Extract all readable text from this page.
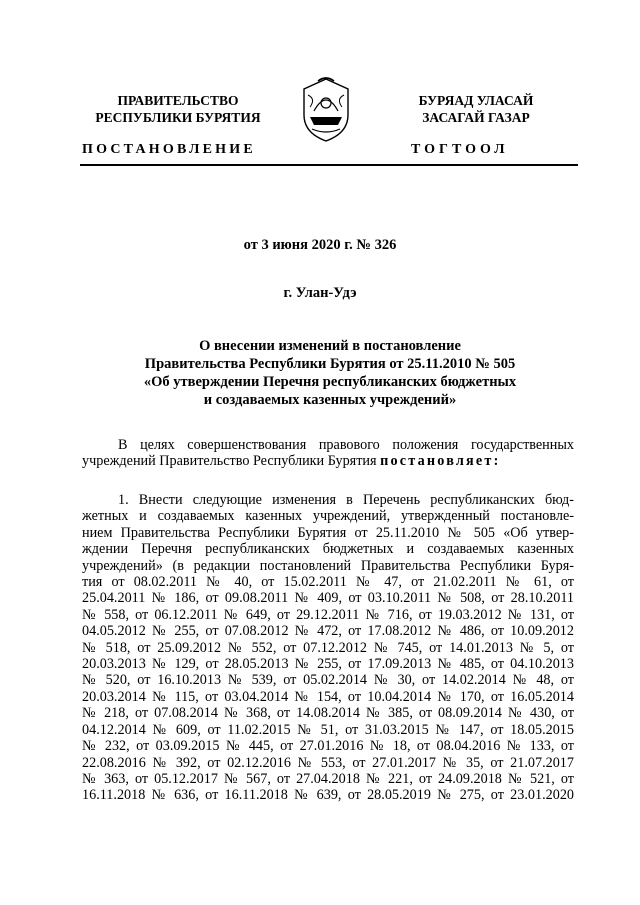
ПРАВИТЕЛЬСТВО
РЕСПУБЛИКИ БУРЯТИЯ
БУРЯАД УЛАСАЙ
ЗАСАГАЙ ГАЗАР
ПОСТАНОВЛЕНИЕ	ТОГТООЛ
от 3 июня 2020 г. № 326
г. Улан-Удэ
О внесении изменений в постановление
Правительства Республики Бурятия от 25.11.2010 № 505
«Об утверждении Перечня республиканских бюджетных
и создаваемых казенных учреждений»
В целях совершенствования правового положения государственных
учреждений Правительство Республики Бурятия постановляет:
1. Внести следующие изменения в Перечень республиканских бюд-
жетных и создаваемых казенных учреждений, утвержденный постановле-
нием Правительства Республики Бурятия от 25.11.2010 № 505 «Об утвер-
ждении Перечня республиканских бюджетных и создаваемых казенных
учреждений» (в редакции постановлений Правительства Республики Буря-
тия от 08.02.2011 № 40, от 15.02.2011 № 47, от 21.02.2011 № 61, от
25.04.2011 № 186, от 09.08.2011 № 409, от 03.10.2011 № 508, от 28.10.2011
№ 558, от 06.12.2011 № 649, от 29.12.2011 № 716, от 19.03.2012 № 131, от
04.05.2012 № 255, от 07.08.2012 № 472, от 17.08.2012 № 486, от 10.09.2012
№ 518, от 25.09.2012 № 552, от 07.12.2012 № 745, от 14.01.2013 № 5, от
20.03.2013 № 129, от 28.05.2013 № 255, от 17.09.2013 № 485, от 04.10.2013
№ 520, от 16.10.2013 № 539, от 05.02.2014 № 30, от 14.02.2014 № 48, от
20.03.2014 № 115, от 03.04.2014 № 154, от 10.04.2014 № 170, от 16.05.2014
№ 218, от 07.08.2014 № 368, от 14.08.2014 № 385, от 08.09.2014 № 430, от
04.12.2014 № 609, от 11.02.2015 № 51, от 31.03.2015 № 147, от 18.05.2015
№ 232, от 03.09.2015 № 445, от 27.01.2016 № 18, от 08.04.2016 № 133, от
22.08.2016 № 392, от 02.12.2016 № 553, от 27.01.2017 № 35, от 21.07.2017
№ 363, от 05.12.2017 № 567, от 27.04.2018 № 221, от 24.09.2018 № 521, от
16.11.2018 № 636, от 16.11.2018 № 639, от 28.05.2019 № 275, от 23.01.2020
